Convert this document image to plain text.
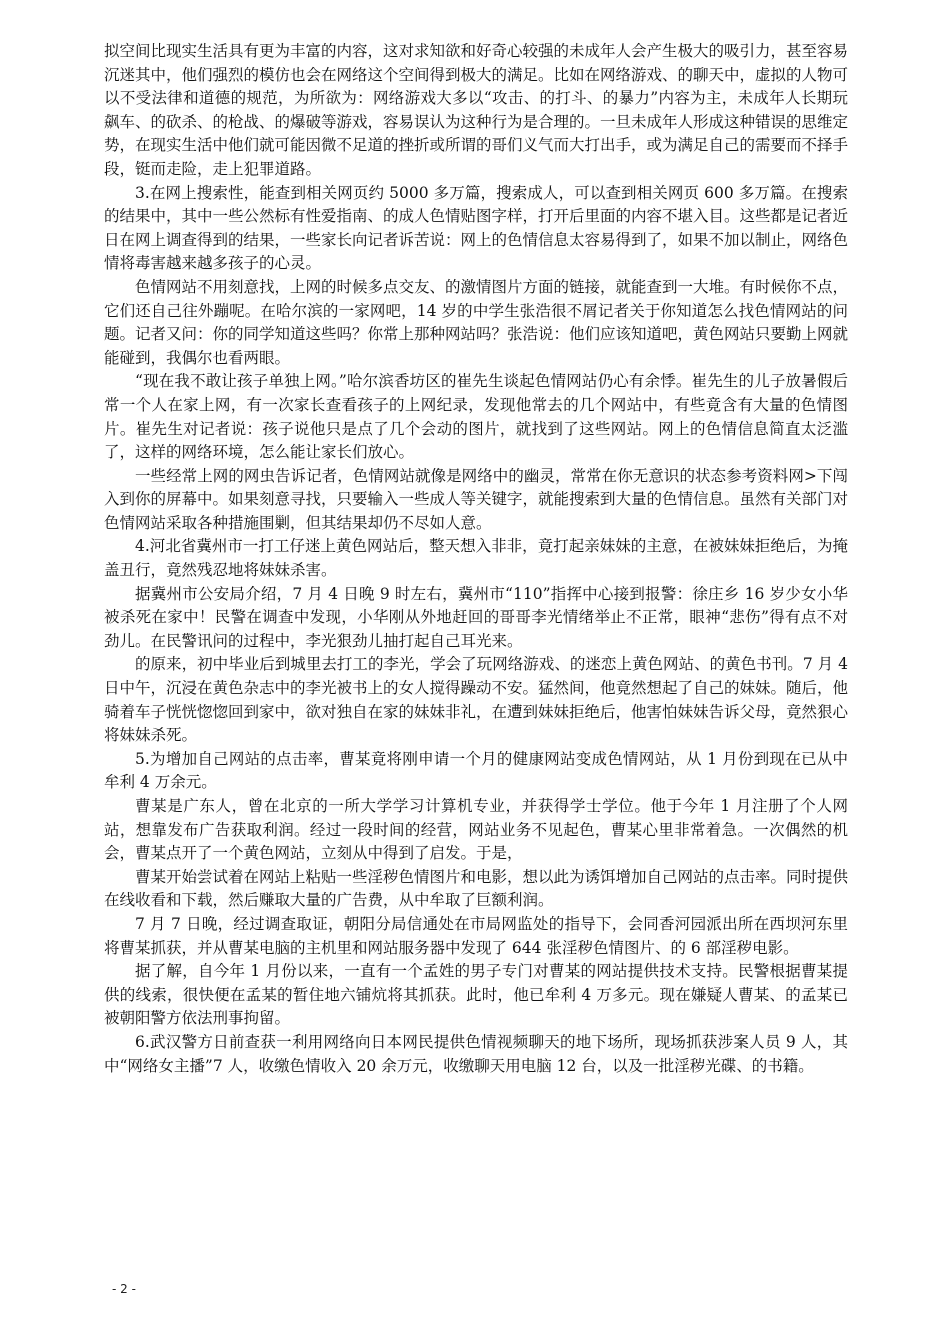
拟空间比现实生活具有更为丰富的内容，这对求知欲和好奇心较强的未成年人会产生极大的吸引力，甚至容易沉迷其中，他们强烈的模仿也会在网络这个空间得到极大的满足。比如在网络游戏、的聊天中，虚拟的人物可以不受法律和道德的规范，为所欲为：网络游戏大多以“攻击、的打斗、的暴力”内容为主，未成年人长期玩飙车、的砍杀、的枪战、的爆破等游戏，容易误认为这种行为是合理的。一旦未成年人形成这种错误的思维定势，在现实生活中他们就可能因微不足道的挫折或所谓的哥们义气而大打出手，或为满足自己的需要而不择手段，铤而走险，走上犯罪道路。

3.在网上搜索性，能查到相关网页约 5000 多万篇，搜索成人，可以查到相关网页 600 多万篇。在搜索的结果中，其中一些公然标有性爱指南、的成人色情贴图字样，打开后里面的内容不堪入目。这些都是记者近日在网上调查得到的结果，一些家长向记者诉苦说：网上的色情信息太容易得到了，如果不加以制止，网络色情将毒害越来越多孩子的心灵。

色情网站不用刻意找，上网的时候多点交友、的激情图片方面的链接，就能查到一大堆。有时候你不点，它们还自己往外蹦呢。在哈尔滨的一家网吧，14 岁的中学生张浩很不屑记者关于你知道怎么找色情网站的问题。记者又问：你的同学知道这些吗？你常上那种网站吗？张浩说：他们应该知道吧，黄色网站只要勤上网就能碰到，我偶尔也看两眼。

“现在我不敢让孩子单独上网。”哈尔滨香坊区的崔先生谈起色情网站仍心有余悸。崔先生的儿子放暑假后常一个人在家上网，有一次家长查看孩子的上网纪录，发现他常去的几个网站中，有些竟含有大量的色情图片。崔先生对记者说：孩子说他只是点了几个会动的图片，就找到了这些网站。网上的色情信息简直太泛滥了，这样的网络环境，怎么能让家长们放心。

一些经常上网的网虫告诉记者，色情网站就像是网络中的幽灵，常常在你无意识的状态参考资料网>下闯入到你的屏幕中。如果刻意寻找，只要输入一些成人等关键字，就能搜索到大量的色情信息。虽然有关部门对色情网站采取各种措施围剿，但其结果却仍不尽如人意。

4.河北省冀州市一打工仔迷上黄色网站后，整天想入非非，竟打起亲妹妹的主意，在被妹妹拒绝后，为掩盖丑行，竟然残忍地将妹妹杀害。

据冀州市公安局介绍，7 月 4 日晚 9 时左右，冀州市“110”指挥中心接到报警：徐庄乡 16 岁少女小华被杀死在家中！民警在调查中发现，小华刚从外地赶回的哥哥李光情绪举止不正常，眼神“悲伤”得有点不对劲儿。在民警讯问的过程中，李光狠劲儿抽打起自己耳光来。

的原来，初中毕业后到城里去打工的李光，学会了玩网络游戏、的迷恋上黄色网站、的黄色书刊。7 月 4 日中午，沉浸在黄色杂志中的李光被书上的女人搅得躁动不安。猛然间，他竟然想起了自己的妹妹。随后，他骑着车子恍恍惚惚回到家中，欲对独自在家的妹妹非礼，在遭到妹妹拒绝后，他害怕妹妹告诉父母，竟然狠心将妹妹杀死。

5.为增加自己网站的点击率，曹某竟将刚申请一个月的健康网站变成色情网站，从 1 月份到现在已从中牟利 4 万余元。

曹某是广东人，曾在北京的一所大学学习计算机专业，并获得学士学位。他于今年 1 月注册了个人网站，想靠发布广告获取利润。经过一段时间的经营，网站业务不见起色，曹某心里非常着急。一次偶然的机会，曹某点开了一个黄色网站，立刻从中得到了启发。于是，

曹某开始尝试着在网站上粘贴一些淫秽色情图片和电影，想以此为诱饵增加自己网站的点击率。同时提供在线收看和下载，然后赚取大量的广告费，从中牟取了巨额利润。

7 月 7 日晚，经过调查取证，朝阳分局信通处在市局网监处的指导下，会同香河园派出所在西坝河东里将曹某抓获，并从曹某电脑的主机里和网站服务器中发现了 644 张淫秽色情图片、的 6 部淫秽电影。

据了解，自今年 1 月份以来，一直有一个孟姓的男子专门对曹某的网站提供技术支持。民警根据曹某提供的线索，很快便在孟某的暂住地六铺炕将其抓获。此时，他已牟利 4 万多元。现在嫌疑人曹某、的孟某已被朝阳警方依法刑事拘留。

6.武汉警方日前查获一利用网络向日本网民提供色情视频聊天的地下场所，现场抓获涉案人员 9 人，其中“网络女主播”7 人，收缴色情收入 20 余万元，收缴聊天用电脑 12 台，以及一批淫秽光碟、的书籍。

- 2 -
